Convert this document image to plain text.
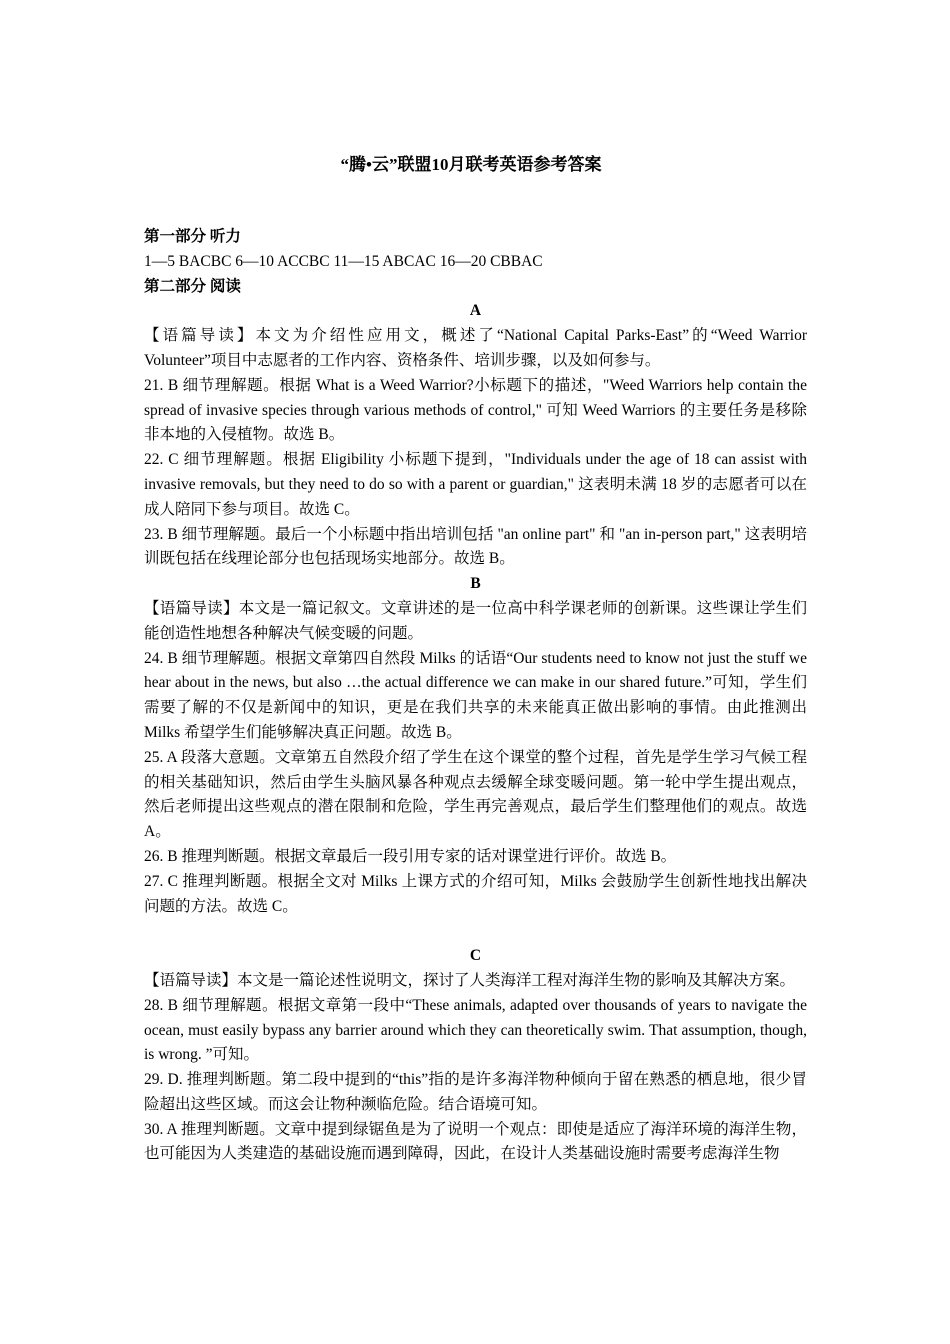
“腾•云”联盟10月联考英语参考答案

第一部分 听力

1—5 BACBC 6—10 ACCBC 11—15 ABCAC 16—20 CBBAC

第二部分 阅读

A

【语篇导读】本文为介绍性应用文，概述了“National Capital Parks-East”的“Weed Warrior Volunteer”项目中志愿者的工作内容、资格条件、培训步骤，以及如何参与。

21. B 细节理解题。根据 What is a Weed Warrior?小标题下的描述，"Weed Warriors help contain the spread of invasive species through various methods of control," 可知 Weed Warriors 的主要任务是移除非本地的入侵植物。故选 B。

22. C 细节理解题。根据 Eligibility 小标题下提到，"Individuals under the age of 18 can assist with invasive removals, but they need to do so with a parent or guardian," 这表明未满 18 岁的志愿者可以在成人陪同下参与项目。故选 C。

23. B 细节理解题。最后一个小标题中指出培训包括 "an online part" 和 "an in-person part," 这表明培训既包括在线理论部分也包括现场实地部分。故选 B。

B

【语篇导读】本文是一篇记叙文。文章讲述的是一位高中科学课老师的创新课。这些课让学生们能创造性地想各种解决气候变暖的问题。

24. B 细节理解题。根据文章第四自然段 Milks 的话语“Our students need to know not just the stuff we hear about in the news, but also …the actual difference we can make in our shared future.”可知，学生们需要了解的不仅是新闻中的知识，更是在我们共享的未来能真正做出影响的事情。由此推测出 Milks 希望学生们能够解决真正问题。故选 B。

25. A 段落大意题。文章第五自然段介绍了学生在这个课堂的整个过程，首先是学生学习气候工程的相关基础知识，然后由学生头脑风暴各种观点去缓解全球变暖问题。第一轮中学生提出观点，然后老师提出这些观点的潜在限制和危险，学生再完善观点，最后学生们整理他们的观点。故选 A。

26. B 推理判断题。根据文章最后一段引用专家的话对课堂进行评价。故选 B。

27. C 推理判断题。根据全文对 Milks 上课方式的介绍可知，Milks 会鼓励学生创新性地找出解决问题的方法。故选 C。

C

【语篇导读】本文是一篇论述性说明文，探讨了人类海洋工程对海洋生物的影响及其解决方案。

28. B 细节理解题。根据文章第一段中“These animals, adapted over thousands of years to navigate the ocean, must easily bypass any barrier around which they can theoretically swim. That assumption, though, is wrong. ”可知。

29. D. 推理判断题。第二段中提到的“this”指的是许多海洋物种倾向于留在熟悉的栖息地，很少冒险超出这些区域。而这会让物种濒临危险。结合语境可知。

30. A 推理判断题。文章中提到绿锯鱼是为了说明一个观点：即使是适应了海洋环境的海洋生物，也可能因为人类建造的基础设施而遇到障碍，因此，在设计人类基础设施时需要考虑海洋生物
